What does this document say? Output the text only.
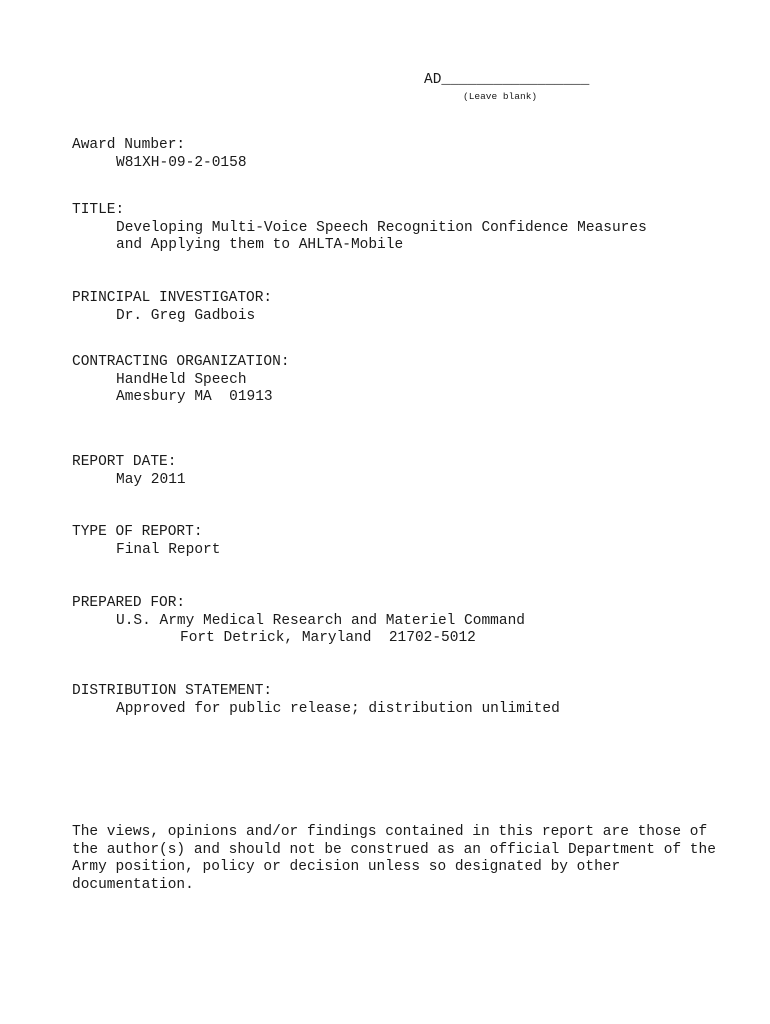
AD_________________
(Leave blank)
Award Number:
W81XH-09-2-0158
TITLE:
Developing Multi-Voice Speech Recognition Confidence Measures
and Applying them to AHLTA-Mobile
PRINCIPAL INVESTIGATOR:
Dr. Greg Gadbois
CONTRACTING ORGANIZATION:
HandHeld Speech
Amesbury MA  01913
REPORT DATE:
May 2011
TYPE OF REPORT:
Final Report
PREPARED FOR:
U.S. Army Medical Research and Materiel Command
Fort Detrick, Maryland  21702-5012
DISTRIBUTION STATEMENT:
Approved for public release; distribution unlimited
The views, opinions and/or findings contained in this report are those of the author(s) and should not be construed as an official Department of the Army position, policy or decision unless so designated by other documentation.
